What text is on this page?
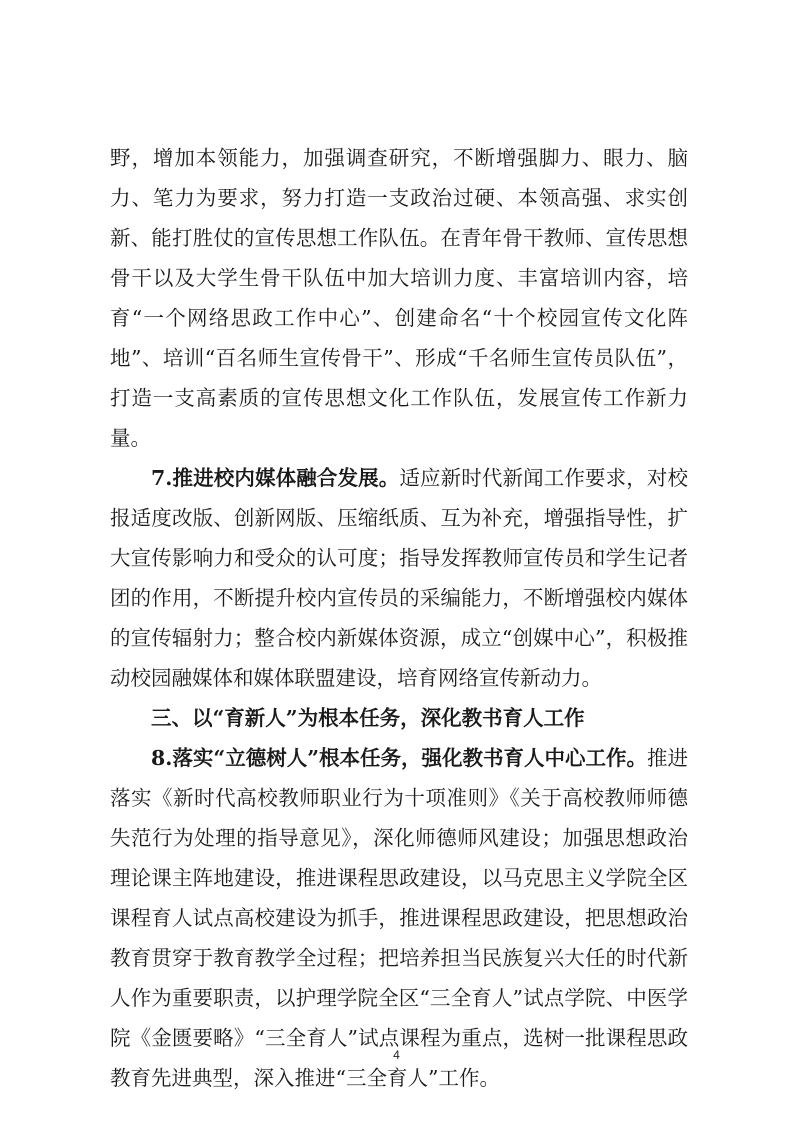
野，增加本领能力，加强调查研究，不断增强脚力、眼力、脑力、笔力为要求，努力打造一支政治过硬、本领高强、求实创新、能打胜仗的宣传思想工作队伍。在青年骨干教师、宣传思想骨干以及大学生骨干队伍中加大培训力度、丰富培训内容，培育“一个网络思政工作中心”、创建命名“十个校园宣传文化阵地”、培训“百名师生宣传骨干”、形成“千名师生宣传员队伍”，打造一支高素质的宣传思想文化工作队伍，发展宣传工作新力量。

7.推进校内媒体融合发展。适应新时代新闻工作要求，对校报适度改版、创新网版、压缩纸质、互为补充，增强指导性，扩大宣传影响力和受众的认可度；指导发挥教师宣传员和学生记者团的作用，不断提升校内宣传员的采编能力，不断增强校内媒体的宣传辐射力；整合校内新媒体资源，成立“创媒中心”，积极推动校园融媒体和媒体联盟建设，培育网络宣传新动力。

三、以“育新人”为根本任务，深化教书育人工作

8.落实“立德树人”根本任务，强化教书育人中心工作。推进落实《新时代高校教师职业行为十项准则》《关于高校教师师德失范行为处理的指导意见》，深化师德师风建设；加强思想政治理论课主阵地建设，推进课程思政建设，以马克思主义学院全区课程育人试点高校建设为抓手，推进课程思政建设，把思想政治教育贯穿于教育教学全过程；把培养担当民族复兴大任的时代新人作为重要职责，以护理学院全区“三全育人”试点学院、中医学院《金匮要略》“三全育人”试点课程为重点，选树一批课程思政教育先进典型，深入推进“三全育人”工作。

4
